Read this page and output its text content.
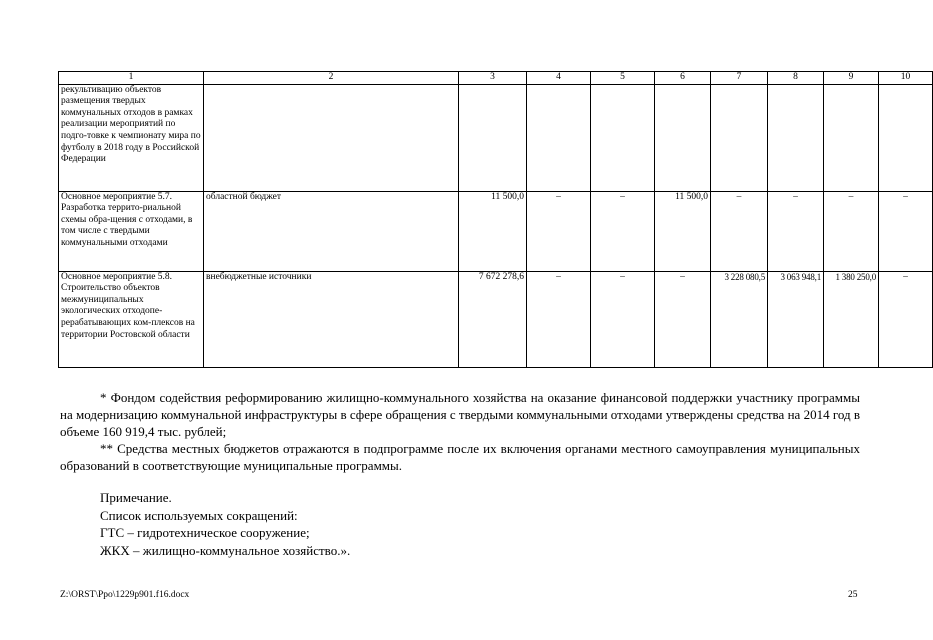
1	2	3	4	5	6	7	8	9	10
рекультивацию объектов размещения твердых коммунальных отходов в рамках реализации мероприятий по подго-товке к чемпионату мира по футболу в 2018 году в Российской Федерации									
Основное мероприятие 5.7. Разработка террито-риальной схемы обра-щения с отходами, в том числе с твердыми коммунальными отходами	областной бюджет	11 500,0	–	–	11 500,0	–	–	–	–
Основное мероприятие 5.8. Строительство объектов межмуниципальных экологических отходопе-рерабатывающих ком-плексов на территории Ростовской области	внебюджетные источники	7 672 278,6	–	–	–	3 228 080,5	3 063 948,1	1 380 250,0	–

* Фондом содействия реформированию жилищно-коммунального хозяйства на оказание финансовой поддержки участнику программы на модернизацию коммунальной инфраструктуры в сфере обращения с твердыми коммунальными отходами утверждены средства на 2014 год в объеме 160 919,4 тыс. рублей;

** Средства местных бюджетов отражаются в подпрограмме после их включения органами местного самоуправления муниципальных образований в соответствующие муниципальные программы.

Примечание.
Список используемых сокращений:
ГТС – гидротехническое сооружение;
ЖКХ – жилищно-коммунальное хозяйство.».
Z:\ORST\Ppo\1229p901.f16.docx	25
